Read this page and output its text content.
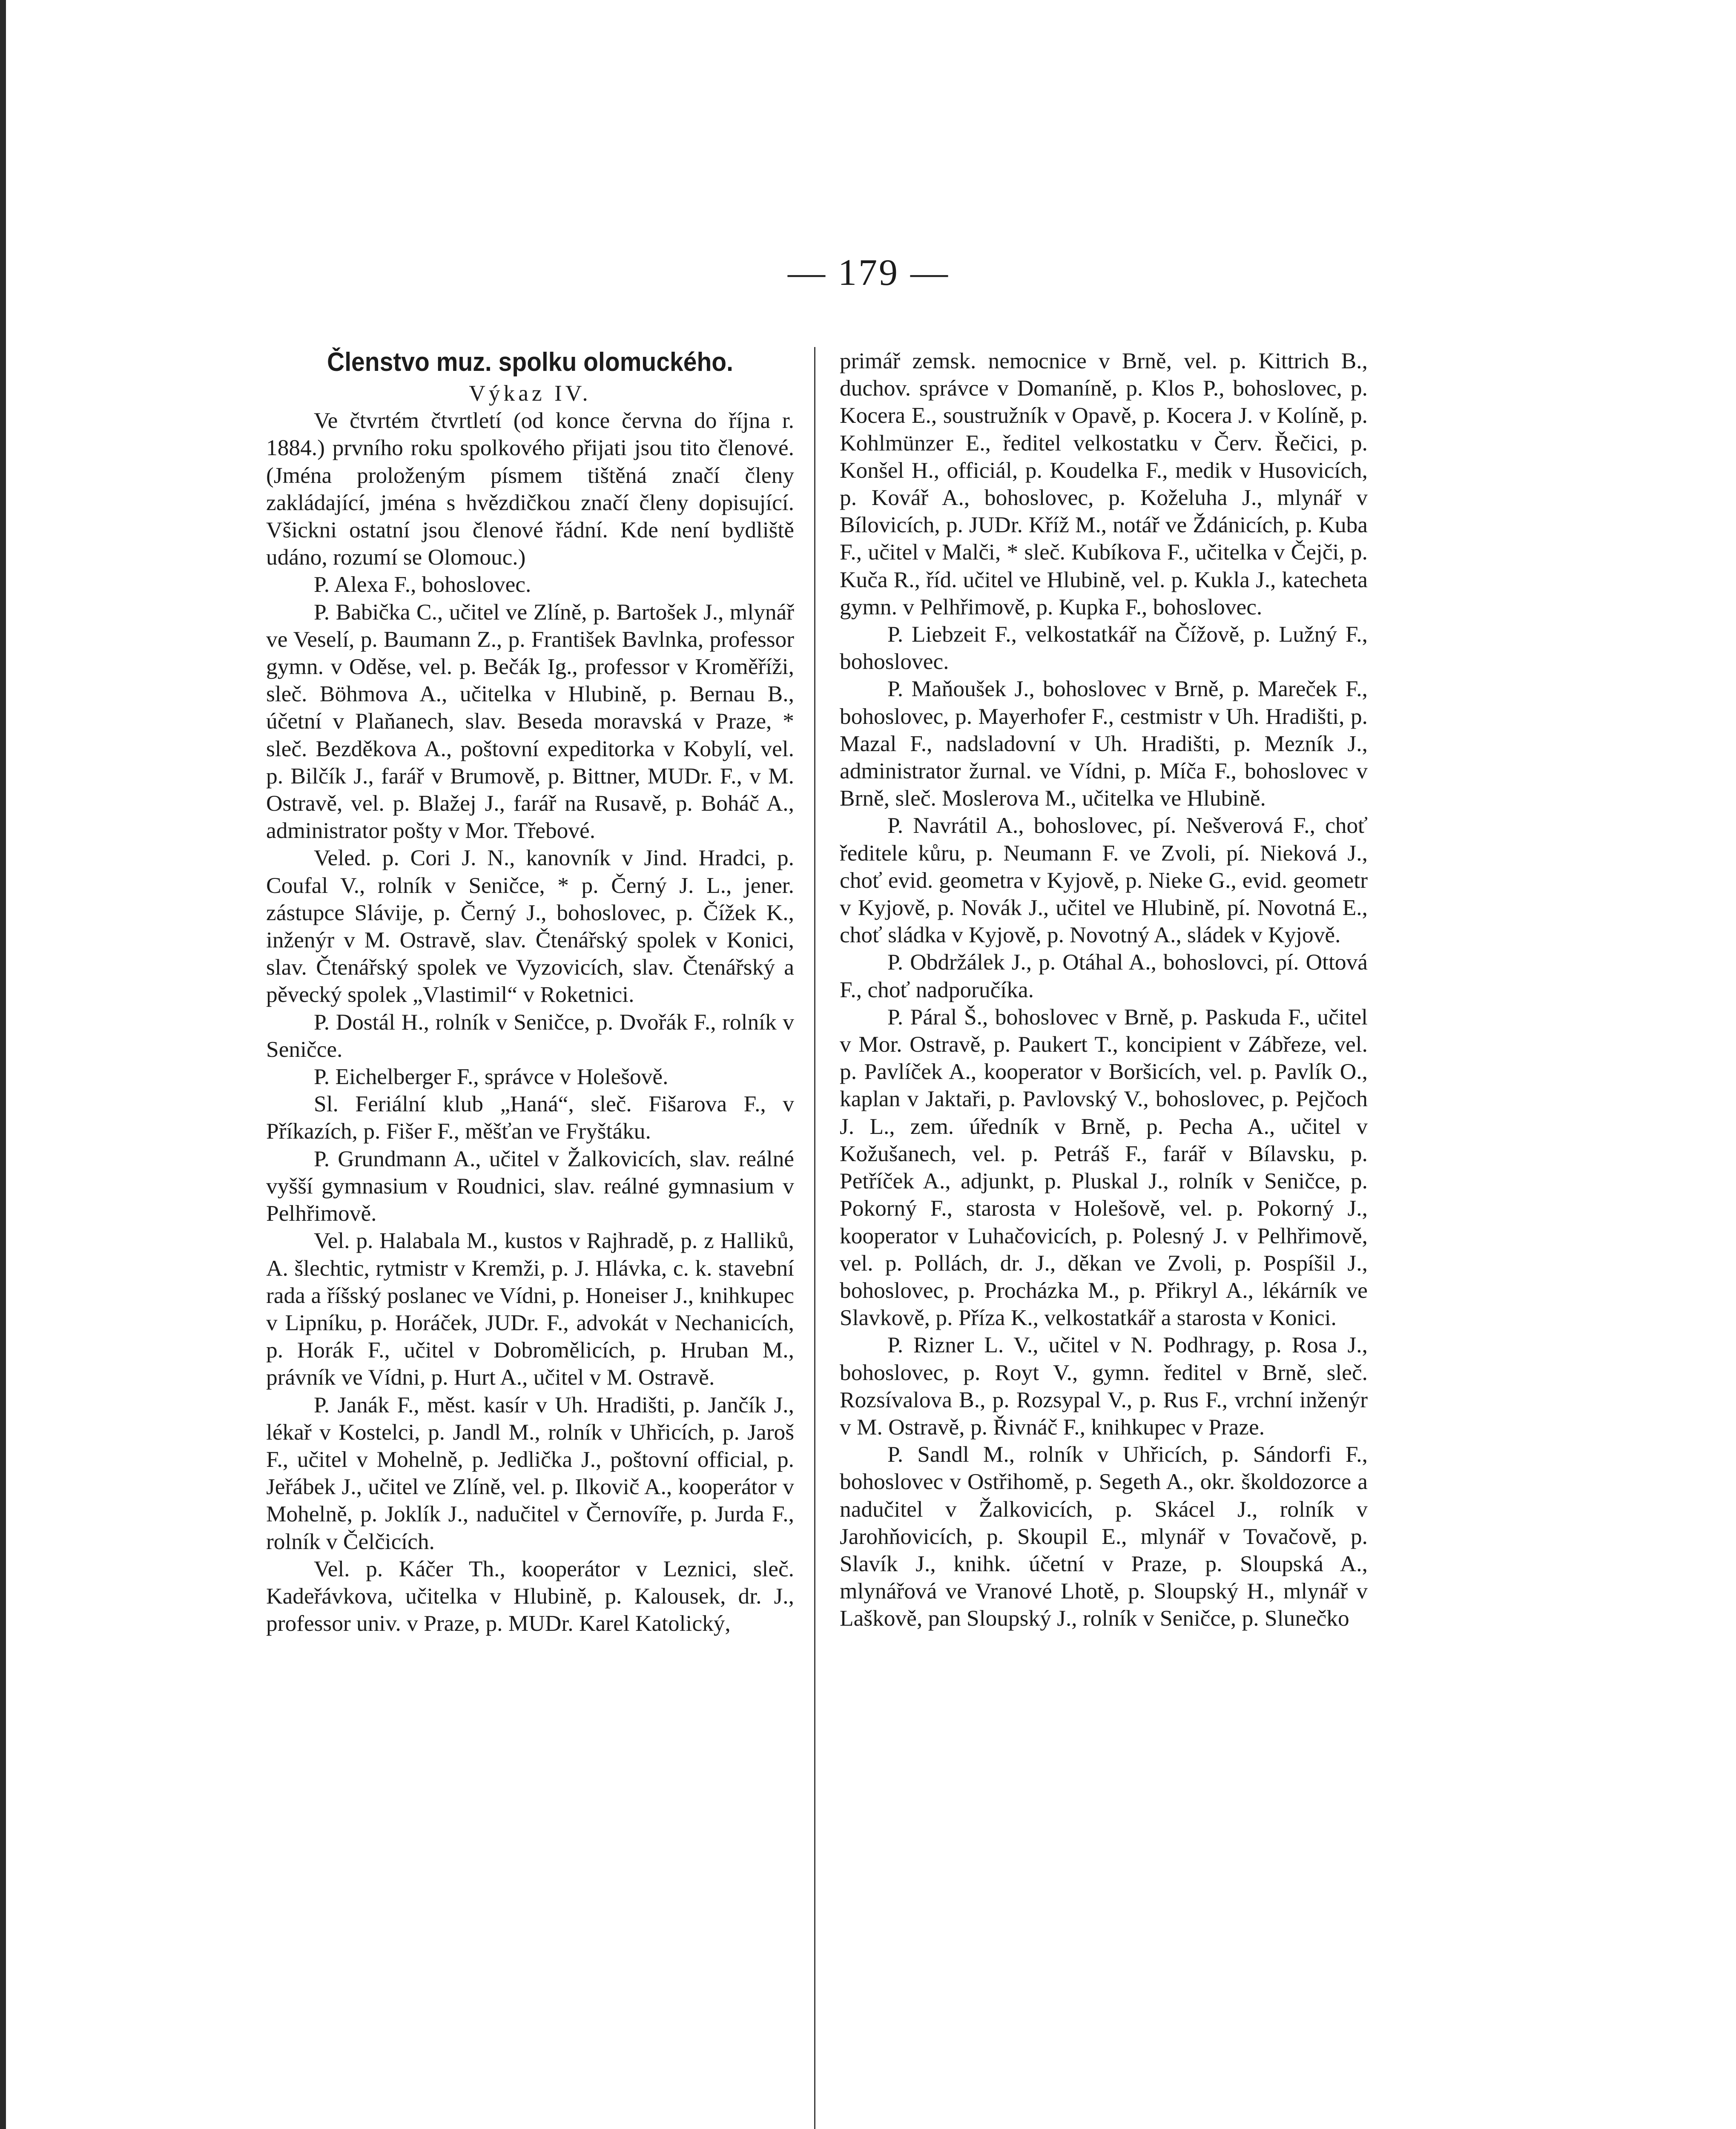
— 179 —
Členstvo muz. spolku olomuckého.

Výkaz IV.

Ve čtvrtém čtvrtletí (od konce června do října r. 1884.) prvního roku spolkového přijati jsou tito členové. (Jména proloženým písmem tištěná značí členy zakládající, jména s hvězdičkou značí členy dopisující. Všickni ostatní jsou členové řádní. Kde není bydliště udáno, rozumí se Olomouc.)

P. Alexa F., bohoslovec.

P. Babička C., učitel ve Zlíně, p. Bartošek J., mlynář ve Veselí, p. Baumann Z., p. František Bavlnka, professor gymn. v Oděse, vel. p. Bečák Ig., professor v Kroměříži, sleč. Böhmova A., učitelka v Hlubině, p. Bernau B., účetní v Plaňanech, slav. Beseda moravská v Praze, * sleč. Bezděkova A., poštovní expeditorka v Kobylí, vel. p. Bilčík J., farář v Brumově, p. Bittner, MUDr. F., v M. Ostravě, vel. p. Blažej J., farář na Rusavě, p. Boháč A., administrator pošty v Mor. Třebové.

Veled. p. Cori J. N., kanovník v Jind. Hradci, p. Coufal V., rolník v Seničce, * p. Černý J. L., jener. zástupce Slávije, p. Černý J., bohoslovec, p. Čížek K., inženýr v M. Ostravě, slav. Čtenářský spolek v Konici, slav. Čtenářský spolek ve Vyzovicích, slav. Čtenářský a pěvecký spolek „Vlastimil“ v Roketnici.

P. Dostál H., rolník v Seničce, p. Dvořák F., rolník v Seničce.

P. Eichelberger F., správce v Holešově.

Sl. Feriální klub „Haná“, sleč. Fišarova F., v Příkazích, p. Fišer F., měšťan ve Fryštáku.

P. Grundmann A., učitel v Žalkovicích, slav. reálné vyšší gymnasium v Roudnici, slav. reálné gymnasium v Pelhřimově.

Vel. p. Halabala M., kustos v Rajhradě, p. z Halliků, A. šlechtic, rytmistr v Kremži, p. J. Hlávka, c. k. stavební rada a říšský poslanec ve Vídni, p. Honeiser J., knihkupec v Lipníku, p. Horáček, JUDr. F., advokát v Nechanicích, p. Horák F., učitel v Dobromělicích, p. Hruban M., právník ve Vídni, p. Hurt A., učitel v M. Ostravě.

P. Janák F., měst. kasír v Uh. Hradišti, p. Jančík J., lékař v Kostelci, p. Jandl M., rolník v Uhřicích, p. Jaroš F., učitel v Mohelně, p. Jedlička J., poštovní official, p. Jeřábek J., učitel ve Zlíně, vel. p. Ilkovič A., kooperátor v Mohelně, p. Joklík J., nadučitel v Černovíře, p. Jurda F., rolník v Čelčicích.

Vel. p. Káčer Th., kooperátor v Leznici, sleč. Kadeřávkova, učitelka v Hlubině, p. Kalousek, dr. J., professor univ. v Praze, p. MUDr. Karel Katolický,

primář zemsk. nemocnice v Brně, vel. p. Kittrich B., duchov. správce v Domaníně, p. Klos P., bohoslovec, p. Kocera E., soustružník v Opavě, p. Kocera J. v Kolíně, p. Kohlmünzer E., ředitel velkostatku v Červ. Řečici, p. Konšel H., officiál, p. Koudelka F., medik v Husovicích, p. Kovář A., bohoslovec, p. Koželuha J., mlynář v Bílovicích, p. JUDr. Kříž M., notář ve Ždánicích, p. Kuba F., učitel v Malči, * sleč. Kubíkova F., učitelka v Čejči, p. Kuča R., říd. učitel ve Hlubině, vel. p. Kukla J., katecheta gymn. v Pelhřimově, p. Kupka F., bohoslovec.

P. Liebzeit F., velkostatkář na Čížově, p. Lužný F., bohoslovec.

P. Maňoušek J., bohoslovec v Brně, p. Mareček F., bohoslovec, p. Mayerhofer F., cestmistr v Uh. Hradišti, p. Mazal F., nadsladovní v Uh. Hradišti, p. Mezník J., administrator žurnal. ve Vídni, p. Míča F., bohoslovec v Brně, sleč. Moslerova M., učitelka ve Hlubině.

P. Navrátil A., bohoslovec, pí. Nešverová F., choť ředitele kůru, p. Neumann F. ve Zvoli, pí. Nieková J., choť evid. geometra v Kyjově, p. Nieke G., evid. geometr v Kyjově, p. Novák J., učitel ve Hlubině, pí. Novotná E., choť sládka v Kyjově, p. Novotný A., sládek v Kyjově.

P. Obdržálek J., p. Otáhal A., bohoslovci, pí. Ottová F., choť nadporučíka.

P. Páral Š., bohoslovec v Brně, p. Paskuda F., učitel v Mor. Ostravě, p. Paukert T., koncipient v Zábřeze, vel. p. Pavlíček A., kooperator v Boršicích, vel. p. Pavlík O., kaplan v Jaktaři, p. Pavlovský V., bohoslovec, p. Pejčoch J. L., zem. úředník v Brně, p. Pecha A., učitel v Kožušanech, vel. p. Petráš F., farář v Bílavsku, p. Petříček A., adjunkt, p. Pluskal J., rolník v Seničce, p. Pokorný F., starosta v Holešově, vel. p. Pokorný J., kooperator v Luhačovicích, p. Polesný J. v Pelhřimově, vel. p. Pollách, dr. J., děkan ve Zvoli, p. Pospíšil J., bohoslovec, p. Procházka M., p. Přikryl A., lékárník ve Slavkově, p. Příza K., velkostatkář a starosta v Konici.

P. Rizner L. V., učitel v N. Podhragy, p. Rosa J., bohoslovec, p. Royt V., gymn. ředitel v Brně, sleč. Rozsívalova B., p. Rozsypal V., p. Rus F., vrchní inženýr v M. Ostravě, p. Řivnáč F., knihkupec v Praze.

P. Sandl M., rolník v Uhřicích, p. Sándorfi F., bohoslovec v Ostřihomě, p. Segeth A., okr. školdozorce a nadučitel v Žalkovicích, p. Skácel J., rolník v Jarohňovicích, p. Skoupil E., mlynář v Tovačově, p. Slavík J., knihk. účetní v Praze, p. Sloupská A., mlynářová ve Vranové Lhotě, p. Sloupský H., mlynář v Laškově, pan Sloupský J., rolník v Seničce, p. Slunečko
